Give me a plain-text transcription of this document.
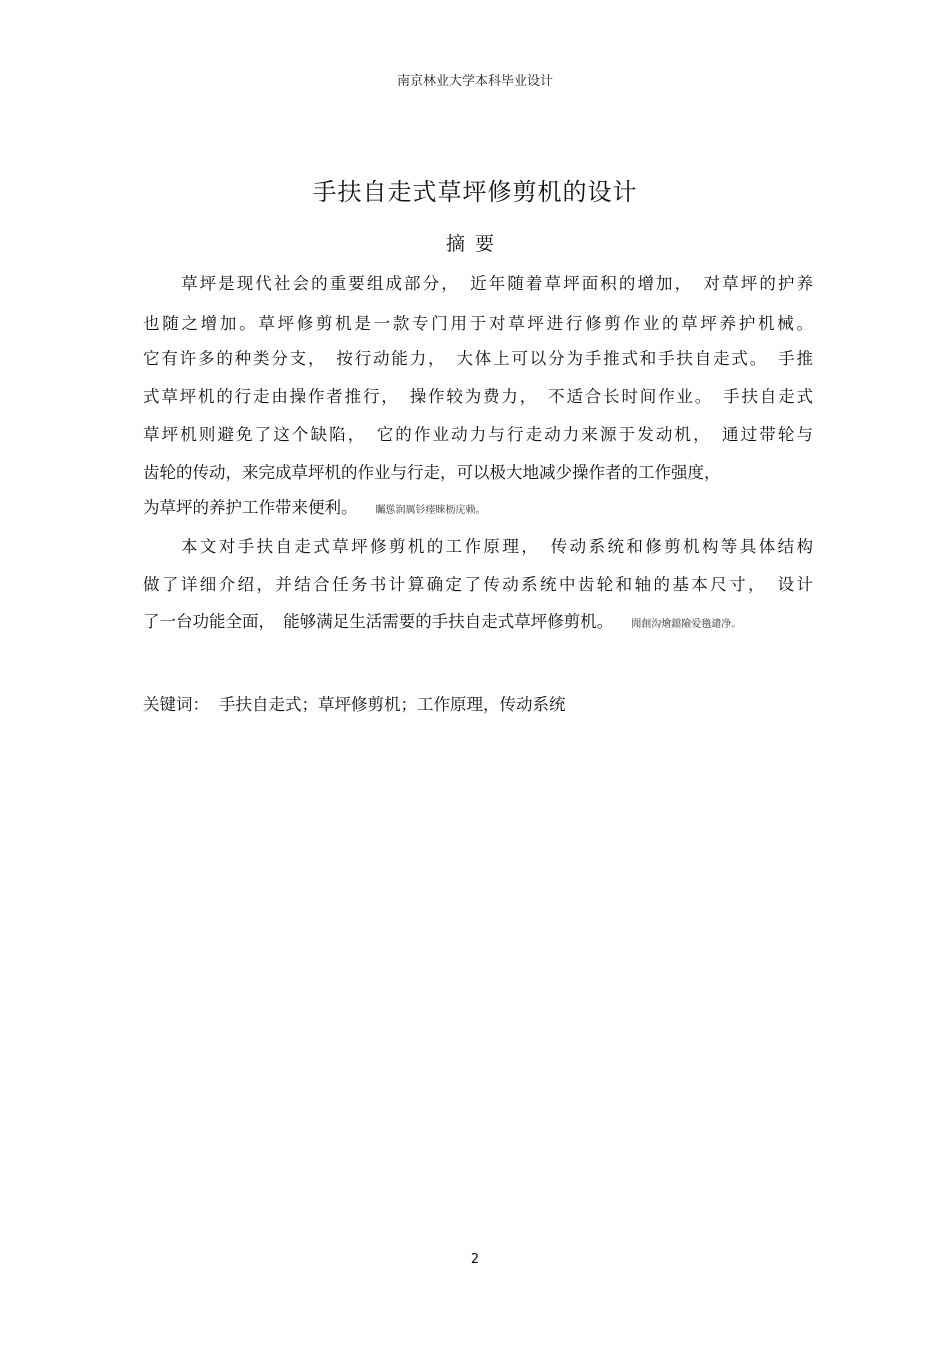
南京林业大学本科毕业设计
手扶自走式草坪修剪机的设计
摘要
草坪是现代社会的重要组成部分，　近年随着草坪面积的增加，　对草坪的护养
也随之增加。草坪修剪机是一款专门用于对草坪进行修剪作业的草坪养护机械。
它有许多的种类分支，　按行动能力，　大体上可以分为手推式和手扶自走式。　手推
式草坪机的行走由操作者推行，　操作较为费力，　不适合长时间作业。　手扶自走式
草坪机则避免了这个缺陷，　它的作业动力与行走动力来源于发动机，　通过带轮与
齿轮的传动，来完成草坪机的作业与行走，可以极大地减少操作者的工作强度，
为草坪的养护工作带来便利。 矚慫润厲钐瘗睞枥庑赖。
本文对手扶自走式草坪修剪机的工作原理，　传动系统和修剪机构等具体结构
做了详细介绍，并结合任务书计算确定了传动系统中齿轮和轴的基本尺寸，　设计
了一台功能全面，　能够满足生活需要的手扶自走式草坪修剪机。 聞創沟燴鐺險爱氇谴净。
关键词： 手扶自走式；草坪修剪机；工作原理，传动系统
2
